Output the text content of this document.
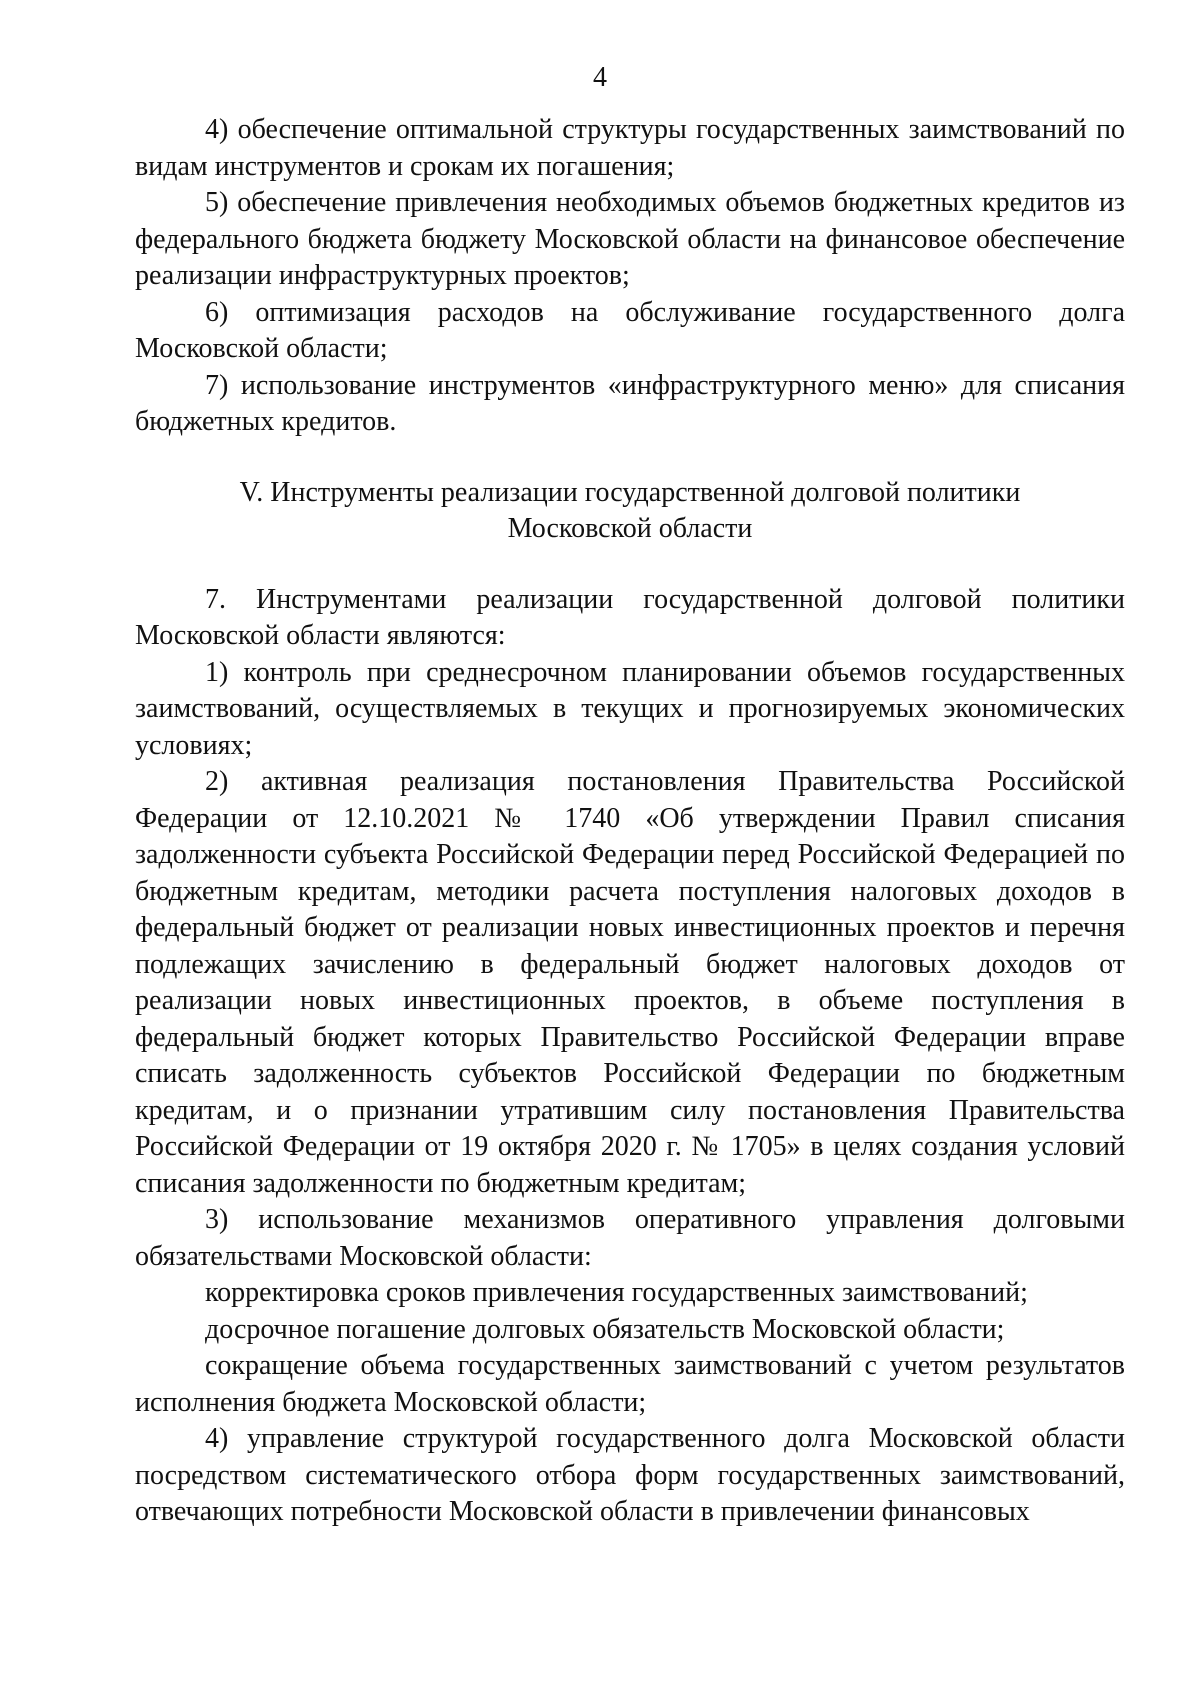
4

4) обеспечение оптимальной структуры государственных заимствований по видам инструментов и срокам их погашения;

5) обеспечение привлечения необходимых объемов бюджетных кредитов из федерального бюджета бюджету Московской области на финансовое обеспечение реализации инфраструктурных проектов;

6) оптимизация расходов на обслуживание государственного долга Московской области;

7) использование инструментов «инфраструктурного меню» для списания бюджетных кредитов.

V. Инструменты реализации государственной долговой политики
Московской области

7. Инструментами реализации государственной долговой политики Московской области являются:

1) контроль при среднесрочном планировании объемов государственных заимствований, осуществляемых в текущих и прогнозируемых экономических условиях;

2) активная реализация постановления Правительства Российской Федерации от 12.10.2021 № 1740 «Об утверждении Правил списания задолженности субъекта Российской Федерации перед Российской Федерацией по бюджетным кредитам, методики расчета поступления налоговых доходов в федеральный бюджет от реализации новых инвестиционных проектов и перечня подлежащих зачислению в федеральный бюджет налоговых доходов от реализации новых инвестиционных проектов, в объеме поступления в федеральный бюджет которых Правительство Российской Федерации вправе списать задолженность субъектов Российской Федерации по бюджетным кредитам, и о признании утратившим силу постановления Правительства Российской Федерации от 19 октября 2020 г. № 1705» в целях создания условий списания задолженности по бюджетным кредитам;

3) использование механизмов оперативного управления долговыми обязательствами Московской области:

корректировка сроков привлечения государственных заимствований;

досрочное погашение долговых обязательств Московской области;

сокращение объема государственных заимствований с учетом результатов исполнения бюджета Московской области;

4) управление структурой государственного долга Московской области посредством систематического отбора форм государственных заимствований, отвечающих потребности Московской области в привлечении финансовых
